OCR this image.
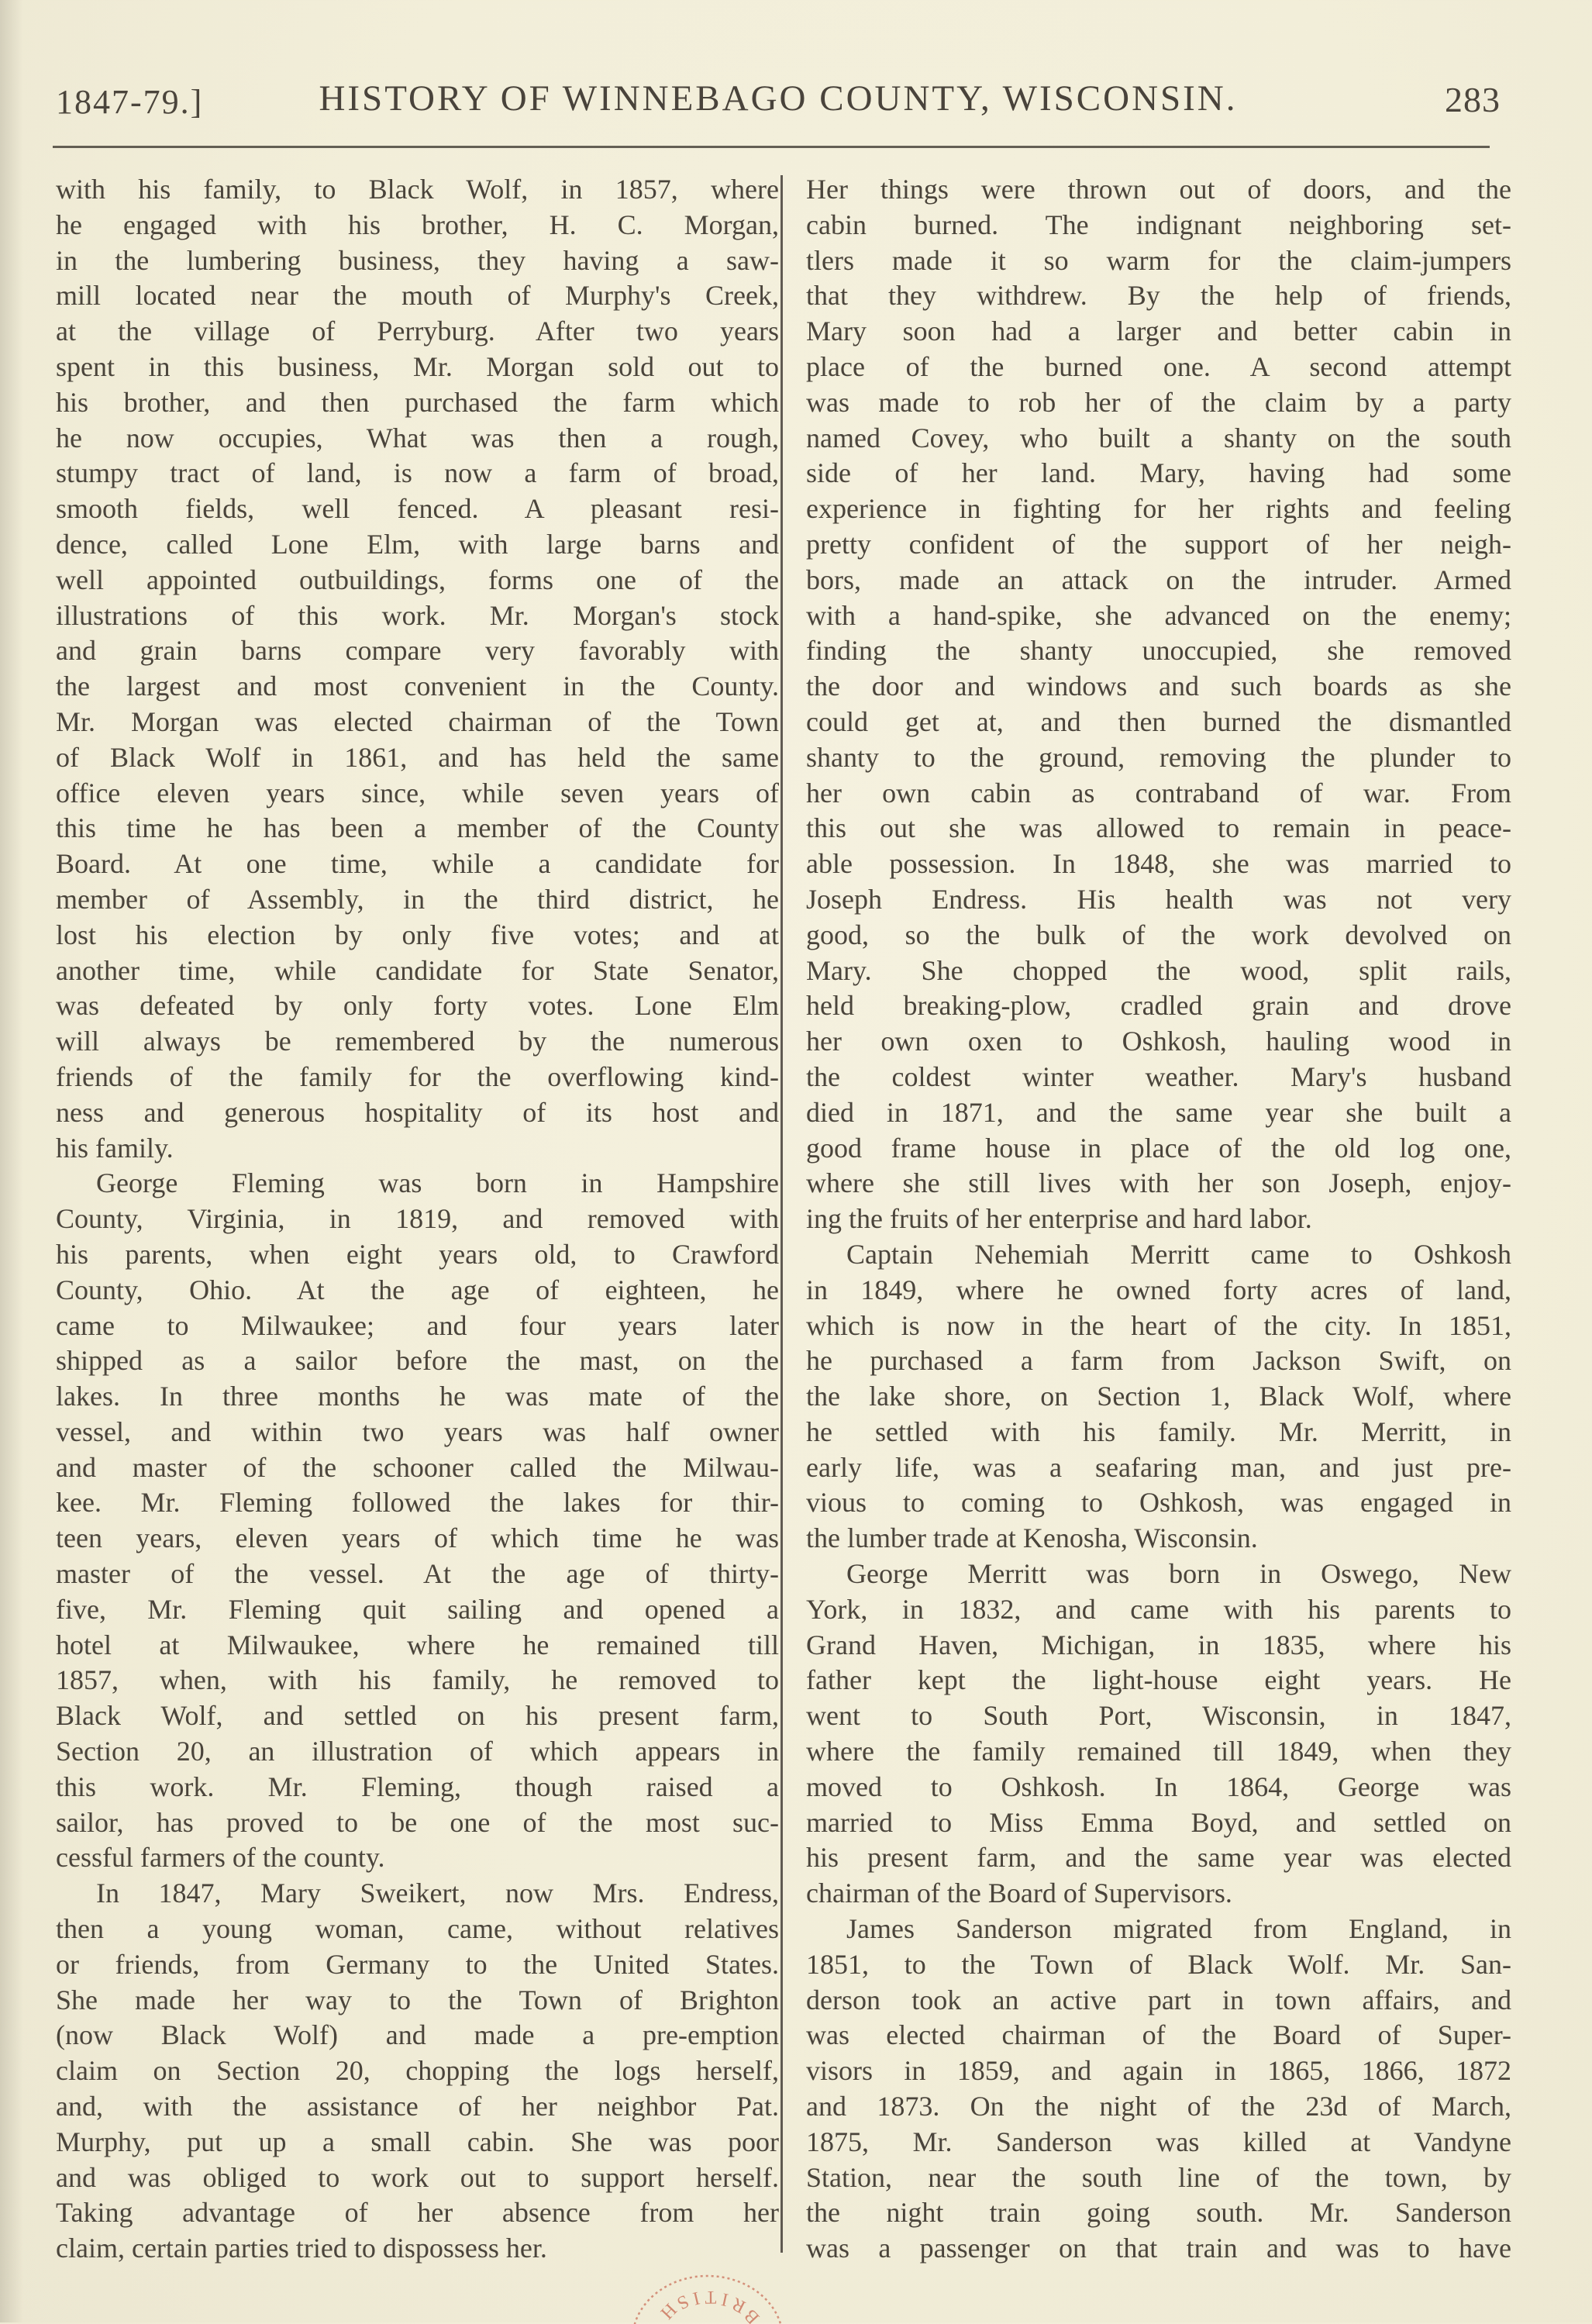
1847-79.]	HISTORY OF WINNEBAGO COUNTY, WISCONSIN.	283
with his family, to Black Wolf, in 1857, where
he engaged with his brother, H. C. Morgan,
in the lumbering business, they having a saw-
mill located near the mouth of Murphy's Creek,
at the village of Perryburg. After two years
spent in this business, Mr. Morgan sold out to
his brother, and then purchased the farm which
he now occupies, What was then a rough,
stumpy tract of land, is now a farm of broad,
smooth fields, well fenced. A pleasant resi-
dence, called Lone Elm, with large barns and
well appointed outbuildings, forms one of the
illustrations of this work. Mr. Morgan's stock
and grain barns compare very favorably with
the largest and most convenient in the County.
Mr. Morgan was elected chairman of the Town
of Black Wolf in 1861, and has held the same
office eleven years since, while seven years of
this time he has been a member of the County
Board. At one time, while a candidate for
member of Assembly, in the third district, he
lost his election by only five votes; and at
another time, while candidate for State Senator,
was defeated by only forty votes. Lone Elm
will always be remembered by the numerous
friends of the family for the overflowing kind-
ness and generous hospitality of its host and
his family.
George Fleming was born in Hampshire
County, Virginia, in 1819, and removed with
his parents, when eight years old, to Crawford
County, Ohio. At the age of eighteen, he
came to Milwaukee; and four years later
shipped as a sailor before the mast, on the
lakes. In three months he was mate of the
vessel, and within two years was half owner
and master of the schooner called the Milwau-
kee. Mr. Fleming followed the lakes for thir-
teen years, eleven years of which time he was
master of the vessel. At the age of thirty-
five, Mr. Fleming quit sailing and opened a
hotel at Milwaukee, where he remained till
1857, when, with his family, he removed to
Black Wolf, and settled on his present farm,
Section 20, an illustration of which appears in
this work. Mr. Fleming, though raised a
sailor, has proved to be one of the most suc-
cessful farmers of the county.
In 1847, Mary Sweikert, now Mrs. Endress,
then a young woman, came, without relatives
or friends, from Germany to the United States.
She made her way to the Town of Brighton
(now Black Wolf) and made a pre-emption
claim on Section 20, chopping the logs herself,
and, with the assistance of her neighbor Pat.
Murphy, put up a small cabin. She was poor
and was obliged to work out to support herself.
Taking advantage of her absence from her
claim, certain parties tried to dispossess her.
Her things were thrown out of doors, and the
cabin burned. The indignant neighboring set-
tlers made it so warm for the claim-jumpers
that they withdrew. By the help of friends,
Mary soon had a larger and better cabin in
place of the burned one. A second attempt
was made to rob her of the claim by a party
named Covey, who built a shanty on the south
side of her land. Mary, having had some
experience in fighting for her rights and feeling
pretty confident of the support of her neigh-
bors, made an attack on the intruder. Armed
with a hand-spike, she advanced on the enemy;
finding the shanty unoccupied, she removed
the door and windows and such boards as she
could get at, and then burned the dismantled
shanty to the ground, removing the plunder to
her own cabin as contraband of war. From
this out she was allowed to remain in peace-
able possession. In 1848, she was married to
Joseph Endress. His health was not very
good, so the bulk of the work devolved on
Mary. She chopped the wood, split rails,
held breaking-plow, cradled grain and drove
her own oxen to Oshkosh, hauling wood in
the coldest winter weather. Mary's husband
died in 1871, and the same year she built a
good frame house in place of the old log one,
where she still lives with her son Joseph, enjoy-
ing the fruits of her enterprise and hard labor.
Captain Nehemiah Merritt came to Oshkosh
in 1849, where he owned forty acres of land,
which is now in the heart of the city. In 1851,
he purchased a farm from Jackson Swift, on
the lake shore, on Section 1, Black Wolf, where
he settled with his family. Mr. Merritt, in
early life, was a seafaring man, and just pre-
vious to coming to Oshkosh, was engaged in
the lumber trade at Kenosha, Wisconsin.
George Merritt was born in Oswego, New
York, in 1832, and came with his parents to
Grand Haven, Michigan, in 1835, where his
father kept the light-house eight years. He
went to South Port, Wisconsin, in 1847,
where the family remained till 1849, when they
moved to Oshkosh. In 1864, George was
married to Miss Emma Boyd, and settled on
his present farm, and the same year was elected
chairman of the Board of Supervisors.
James Sanderson migrated from England, in
1851, to the Town of Black Wolf. Mr. San-
derson took an active part in town affairs, and
was elected chairman of the Board of Super-
visors in 1859, and again in 1865, 1866, 1872
and 1873. On the night of the 23d of March,
1875, Mr. Sanderson was killed at Vandyne
Station, near the south line of the town, by
the night train going south. Mr. Sanderson
was a passenger on that train and was to have
BRITISH
